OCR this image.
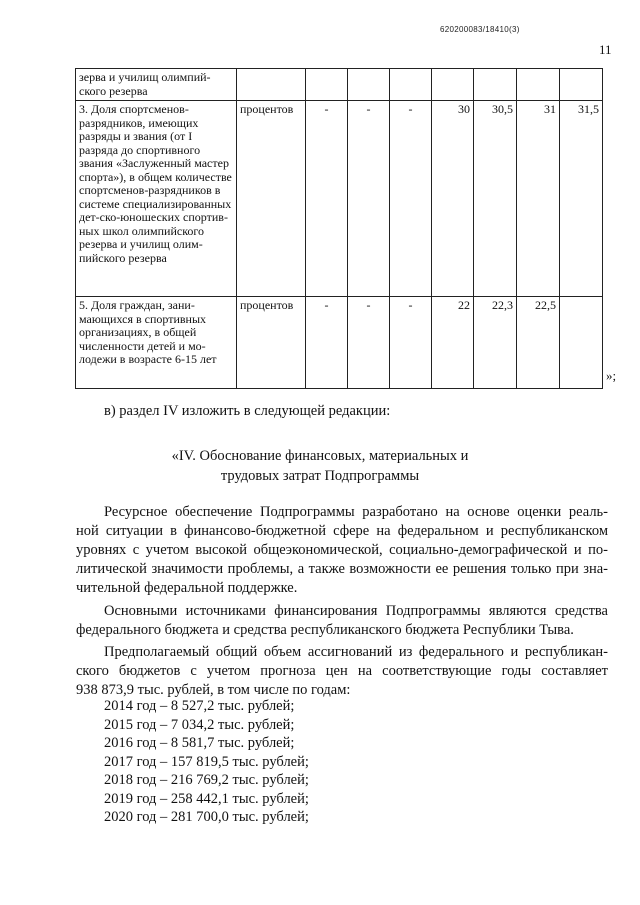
620200083/18410(3)
11
зерва и училищ олимпий-ского резерва								
3. Доля спортсменов-разрядников, имеющих разряды и звания (от I разряда до спортивного звания «Заслуженный мастер спорта»), в общем количестве спортсменов-разрядников в системе специализированных дет-ско-юношеских спортив-ных школ олимпийского резерва и училищ олим-пийского резерва	процентов	-	-	-	30	30,5	31	31,5
5. Доля граждан, зани-мающихся в спортивных организациях, в общей численности детей и мо-лодежи в возрасте 6-15 лет	процентов	-	-	-	22	22,3	22,5	
»;

в) раздел IV изложить в следующей редакции:

«IV. Обоснование финансовых, материальных и

трудовых затрат Подпрограммы

Ресурсное обеспечение Подпрограммы разработано на основе оценки реаль-

ной ситуации в финансово-бюджетной сфере на федеральном и республиканском

уровнях с учетом высокой общеэкономической, социально-демографической и по-

литической значимости проблемы, а также возможности ее решения только при зна-

чительной федеральной поддержке.

Основными источниками финансирования Подпрограммы являются средства

федерального бюджета и средства республиканского бюджета Республики Тыва.

Предполагаемый общий объем ассигнований из федерального и республикан-

ского бюджетов с учетом прогноза цен на соответствующие годы составляет

938 873,9 тыс. рублей, в том числе по годам:

2014 год – 8 527,2 тыс. рублей;
2015 год – 7 034,2 тыс. рублей;
2016 год – 8 581,7 тыс. рублей;
2017 год – 157 819,5 тыс. рублей;
2018 год – 216 769,2 тыс. рублей;
2019 год – 258 442,1 тыс. рублей;
2020 год – 281 700,0 тыс. рублей;
